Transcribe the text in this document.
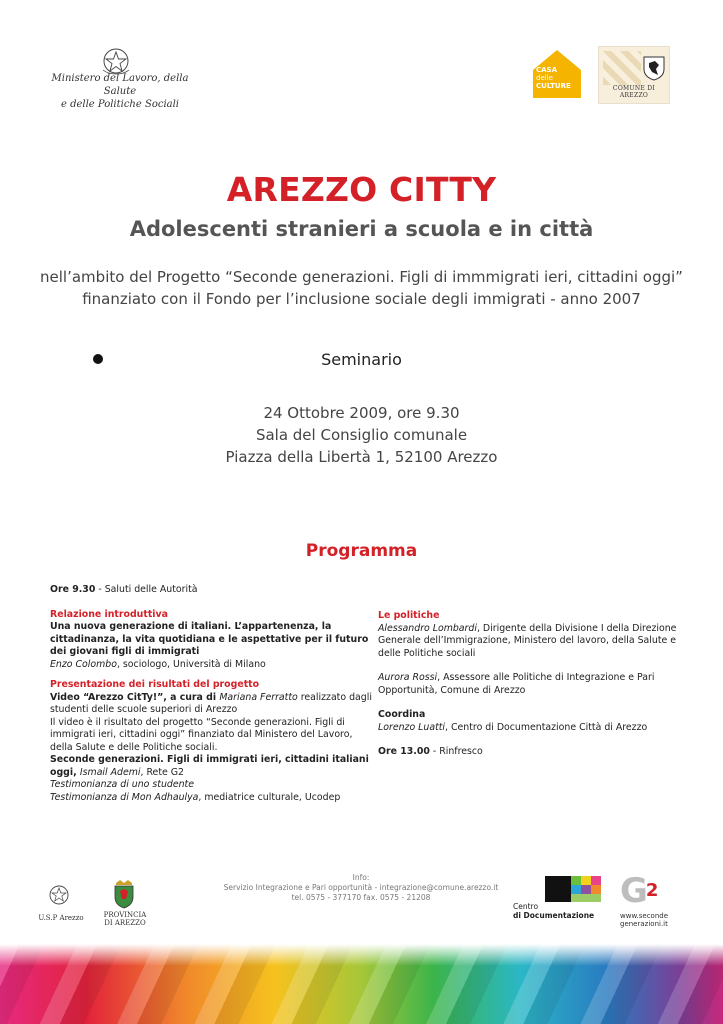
Ministero del Lavoro, della Salute
e delle Politiche Sociali
CASA
delle
CULTURE	COMUNE DI AREZZO
AREZZO CITTY
Adolescenti stranieri a scuola e in città
nell’ambito del Progetto “Seconde generazioni. Figli di immmigrati ieri, cittadini oggi”
finanziato con il Fondo per l’inclusione sociale degli immigrati - anno 2007
Seminario
24 Ottobre 2009, ore 9.30
Sala del Consiglio comunale
Piazza della Libertà 1, 52100 Arezzo
Programma

Ore 9.30 - Saluti delle Autorità

Relazione introduttiva

Una nuova generazione di italiani. L’appartenenza, la

cittadinanza, la vita quotidiana e le aspettative per il futuro

dei giovani figli di immigrati

Enzo Colombo, sociologo, Università di Milano

Presentazione dei risultati del progetto

Video “Arezzo CitTy!”, a cura di Mariana Ferratto realizzato dagli

studenti delle scuole superiori di Arezzo

Il video è il risultato del progetto “Seconde generazioni. Figli di

immigrati ieri, cittadini oggi” finanziato dal Ministero del Lavoro,

della Salute e delle Politiche sociali.

Seconde generazioni. Figli di immigrati ieri, cittadini italiani

oggi, Ismail Ademi, Rete G2

Testimonianza di uno studente

Testimonianza di Mon Adhaulya, mediatrice culturale, Ucodep

Le politiche

Alessandro Lombardi, Dirigente della Divisione I della Direzione

Generale dell’Immigrazione, Ministero del lavoro, della Salute e

delle Politiche sociali

Aurora Rossi, Assessore alle Politiche di Integrazione e Pari

Opportunità, Comune di Arezzo

Coordina

Lorenzo Luatti, Centro di Documentazione Città di Arezzo

Ore 13.00 - Rinfresco

U.S.P Arezzo	PROVINCIA
DI AREZZO
Info:
Servizio Integrazione e Pari opportunità - integrazione@comune.arezzo.it
tel. 0575 - 377170 fax. 0575 - 21208
Centro
di Documentazione
$G^2$
www.seconde
generazioni.it
